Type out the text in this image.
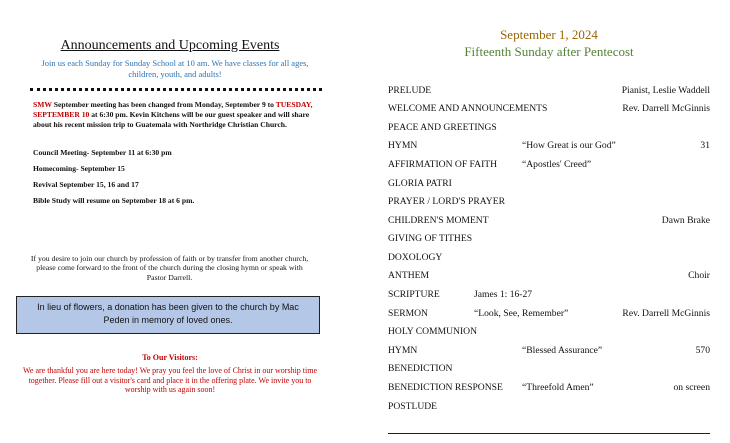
Announcements and Upcoming Events
Join us each Sunday for Sunday School at 10 am. We have classes for all ages, children, youth, and adults!
SMW September meeting has been changed from Monday, September 9 to TUESDAY, SEPTEMBER 10 at 6:30 pm. Kevin Kitchens will be our guest speaker and will share about his recent mission trip to Guatemala with Northridge Christian Church.
Council Meeting- September 11 at 6:30 pm
Homecoming- September 15
Revival September 15, 16 and 17
Bible Study will resume on September 18 at 6 pm.
If you desire to join our church by profession of faith or by transfer from another church, please come forward to the front of the church during the closing hymn or speak with Pastor Darrell.
In lieu of flowers, a donation has been given to the church by Mac Peden in memory of loved ones.
To Our Visitors:
We are thankful you are here today! We pray you feel the love of Christ in our worship time together. Please fill out a visitor's card and place it in the offering plate. We invite you to worship with us again soon!
September 1, 2024
Fifteenth Sunday after Pentecost
PRELUDE	Pianist, Leslie Waddell
WELCOME AND ANNOUNCEMENTS	Rev. Darrell McGinnis
PEACE AND GREETINGS
HYMN	“How Great is our God”	31
AFFIRMATION OF FAITH	“Apostles' Creed”
GLORIA PATRI
PRAYER / LORD'S PRAYER
CHILDREN'S MOMENT	Dawn Brake
GIVING OF TITHES
DOXOLOGY
ANTHEM	Choir
SCRIPTURE	James 1: 16-27
SERMON	“Look, See, Remember”	Rev. Darrell McGinnis
HOLY COMMUNION
HYMN	“Blessed Assurance”	570
BENEDICTION
BENEDICTION RESPONSE “Threefold Amen”	on screen
POSTLUDE
